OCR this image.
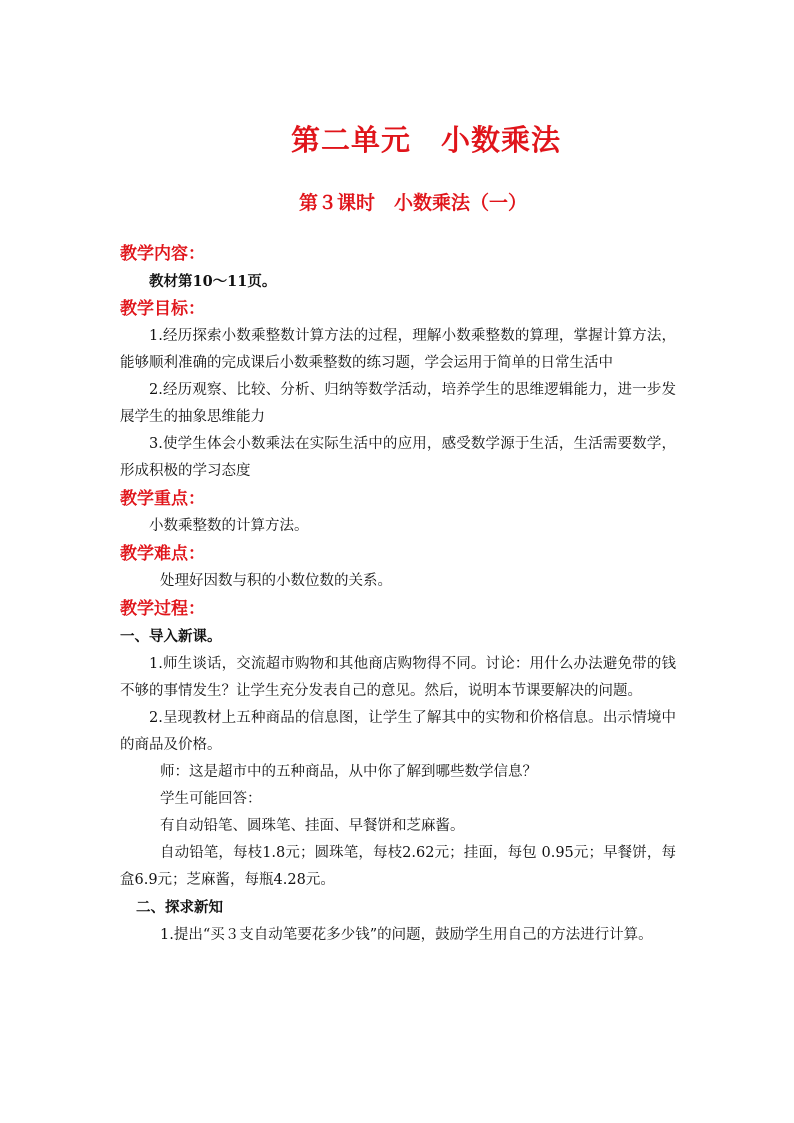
第二单元　小数乘法
第３课时　小数乘法（一）

教学内容：

教材第10～11页。

教学目标：

1.经历探索小数乘整数计算方法的过程，理解小数乘整数的算理，掌握计算方法，能够顺利准确的完成课后小数乘整数的练习题，学会运用于简单的日常生活中

2.经历观察、比较、分析、归纳等数学活动，培养学生的思维逻辑能力，进一步发展学生的抽象思维能力

3.使学生体会小数乘法在实际生活中的应用，感受数学源于生活，生活需要数学，形成积极的学习态度

教学重点：

小数乘整数的计算方法。

教学难点：

处理好因数与积的小数位数的关系。

教学过程：

一、导入新课。

1.师生谈话，交流超市购物和其他商店购物得不同。讨论：用什么办法避免带的钱不够的事情发生？让学生充分发表自己的意见。然后，说明本节课要解决的问题。

2.呈现教材上五种商品的信息图，让学生了解其中的实物和价格信息。出示情境中的商品及价格。

师：这是超市中的五种商品，从中你了解到哪些数学信息？

学生可能回答：

有自动铅笔、圆珠笔、挂面、早餐饼和芝麻酱。

自动铅笔，每枝1.8元；圆珠笔，每枝2.62元；挂面，每包 0.95元；早餐饼，每盒6.9元；芝麻酱，每瓶4.28元。

二、探求新知

1.提出“买３支自动笔要花多少钱”的问题，鼓励学生用自己的方法进行计算。
